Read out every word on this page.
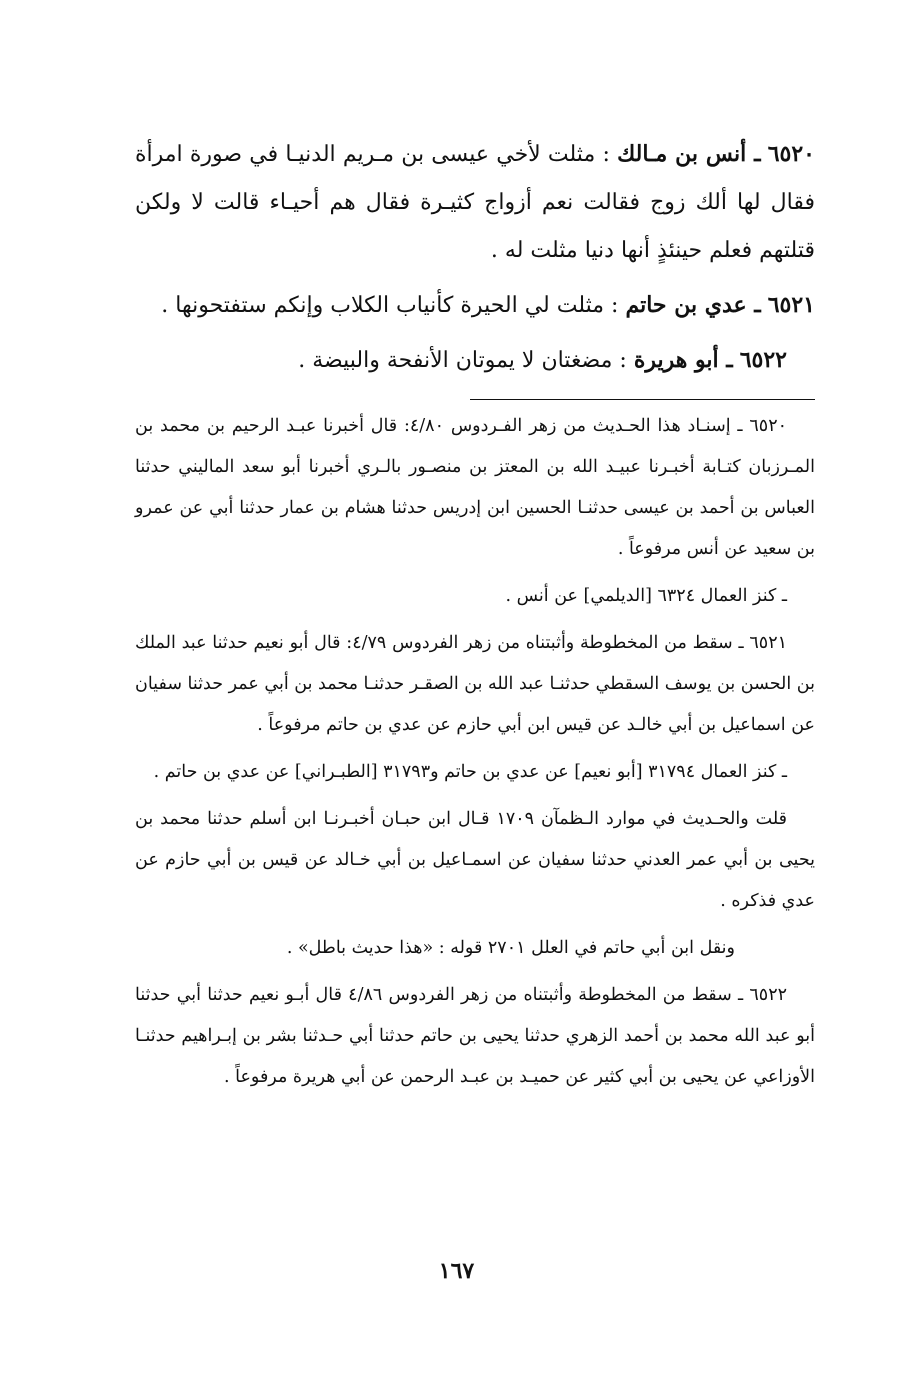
٦٥٢٠ ـ أنس بن مـالك : مثلت لأخي عيسى بن مـريم الدنيـا في صورة امرأة فقال لها ألك زوج فقالت نعم أزواج كثيـرة فقال هم أحيـاء قالت لا ولكن قتلتهم فعلم حينئذٍ أنها دنيا مثلت له .

٦٥٢١ ـ عدي بن حاتم : مثلت لي الحيرة كأنياب الكلاب وإنكم ستفتحونها .

٦٥٢٢ ـ أبو هريرة : مضغتان لا يموتان الأنفحة والبيضة .

٦٥٢٠ ـ إسنـاد هذا الحـديث من زهر الفـردوس ٤/٨٠: قال أخبرنا عبـد الرحيم بن محمد بن المـرزبان كتـابة أخبـرنا عبيـد الله بن المعتز بن منصـور بالـري أخبرنا أبو سعد الماليني حدثنا العباس بن أحمد بن عيسى حدثنـا الحسين ابن إدريس حدثنا هشام بن عمار حدثنا أبي عن عمرو بن سعيد عن أنس مرفوعاً .

ـ كنز العمال ٦٣٢٤ [الديلمي] عن أنس .

٦٥٢١ ـ سقط من المخطوطة وأثبتناه من زهر الفردوس ٤/٧٩: قال أبو نعيم حدثنا عبد الملك بن الحسن بن يوسف السقطي حدثنـا عبد الله بن الصقـر حدثنـا محمد بن أبي عمر حدثنا سفيان عن اسماعيل بن أبي خالـد عن قيس ابن أبي حازم عن عدي بن حاتم مرفوعاً .

ـ كنز العمال ٣١٧٩٤ [أبو نعيم] عن عدي بن حاتم و٣١٧٩٣ [الطبـراني] عن عدي بن حاتم .

قلت والحـديث في موارد الـظمآن ١٧٠٩ قـال ابن حبـان أخبـرنـا ابن أسلم حدثنا محمد بن يحيى بن أبي عمر العدني حدثنا سفيان عن اسمـاعيل بن أبي خـالد عن قيس بن أبي حازم عن عدي فذكره .

ونقل ابن أبي حاتم في العلل ٢٧٠١ قوله : «هذا حديث باطل» .

٦٥٢٢ ـ سقط من المخطوطة وأثبتناه من زهر الفردوس ٤/٨٦ قال أبـو نعيم حدثنا أبي حدثنا أبو عبد الله محمد بن أحمد الزهري حدثنا يحيى بن حاتم حدثنا أبي حـدثنا بشر بن إبـراهيم حدثنـا الأوزاعي عن يحيى بن أبي كثير عن حميـد بن عبـد الرحمن عن أبي هريرة مرفوعاً .

١٦٧
